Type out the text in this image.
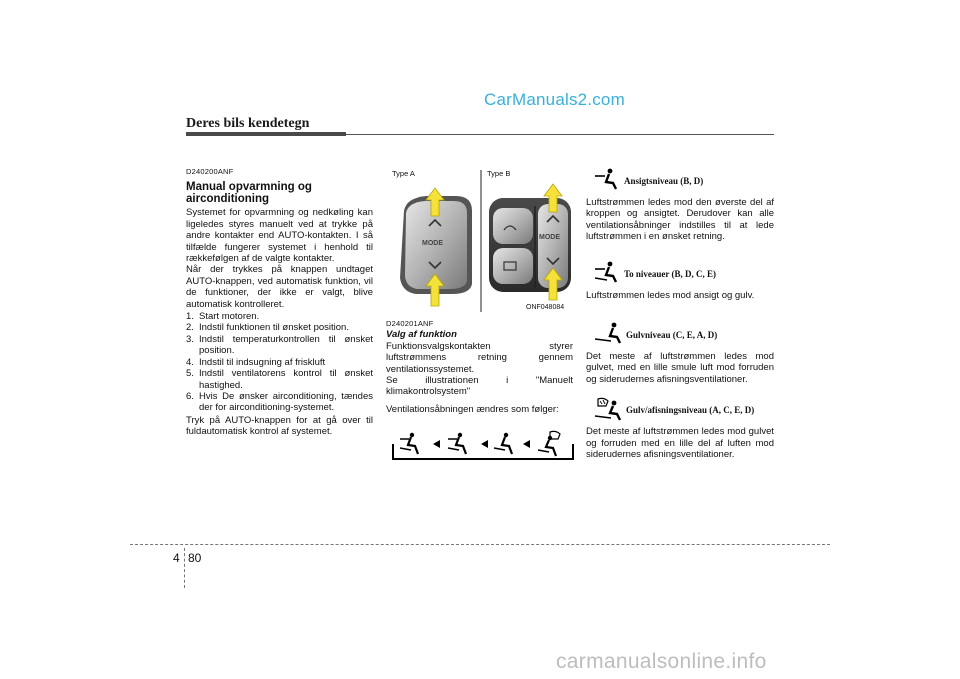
CarManuals2.com
Deres bils kendetegn
D240200ANF
Manual opvarmning og airconditioning

Systemet for opvarmning og nedkøling kan ligeledes styres manuelt ved at trykke på andre kontakter end AUTO-kontakten. I så tilfælde fungerer systemet i henhold til rækkefølgen af de valgte kontakter.

Når der trykkes på knappen undtaget AUTO-knappen, ved automatisk funktion, vil de funktioner, der ikke er valgt, blive automatisk kontrolleret.

1. Start motoren.
2. Indstil funktionen til ønsket position.
3. Indstil temperaturkontrollen til ønsket position.
4. Indstil til indsugning af friskluft
5. Indstil ventilatorens kontrol til ønsket hastighed.
6. Hvis De ønsker airconditioning, tændes der for airconditioning-systemet.

Tryk på AUTO-knappen for at gå over til fuldautomatisk kontrol af systemet.

Type A	Type B
MODE
MODE
ONF048084
D240201ANF
Valg af funktion

Funktionsvalgskontakten styrer luftstrømmens retning gennem ventilationssystemet.

Se illustrationen i "Manuelt klimakontrolsystem"

Ventilationsåbningen ændres som følger:

Ansigtsniveau (B, D)

Luftstrømmen ledes mod den øverste del af kroppen og ansigtet. Derudover kan alle ventilationsåbninger indstilles til at lede luftstrømmen i en ønsket retning.

To niveauer (B, D, C, E)

Luftstrømmen ledes mod ansigt og gulv.

Gulvniveau (C, E, A, D)

Det meste af luftstrømmen ledes mod gulvet, med en lille smule luft mod forruden og siderudernes afisningsventilationer.

Gulv/afisningsniveau (A, C, E, D)

Det meste af luftstrømmen ledes mod gulvet og forruden med en lille del af luften mod siderudernes afisningsventilationer.

4 80
carmanualsonline.info
